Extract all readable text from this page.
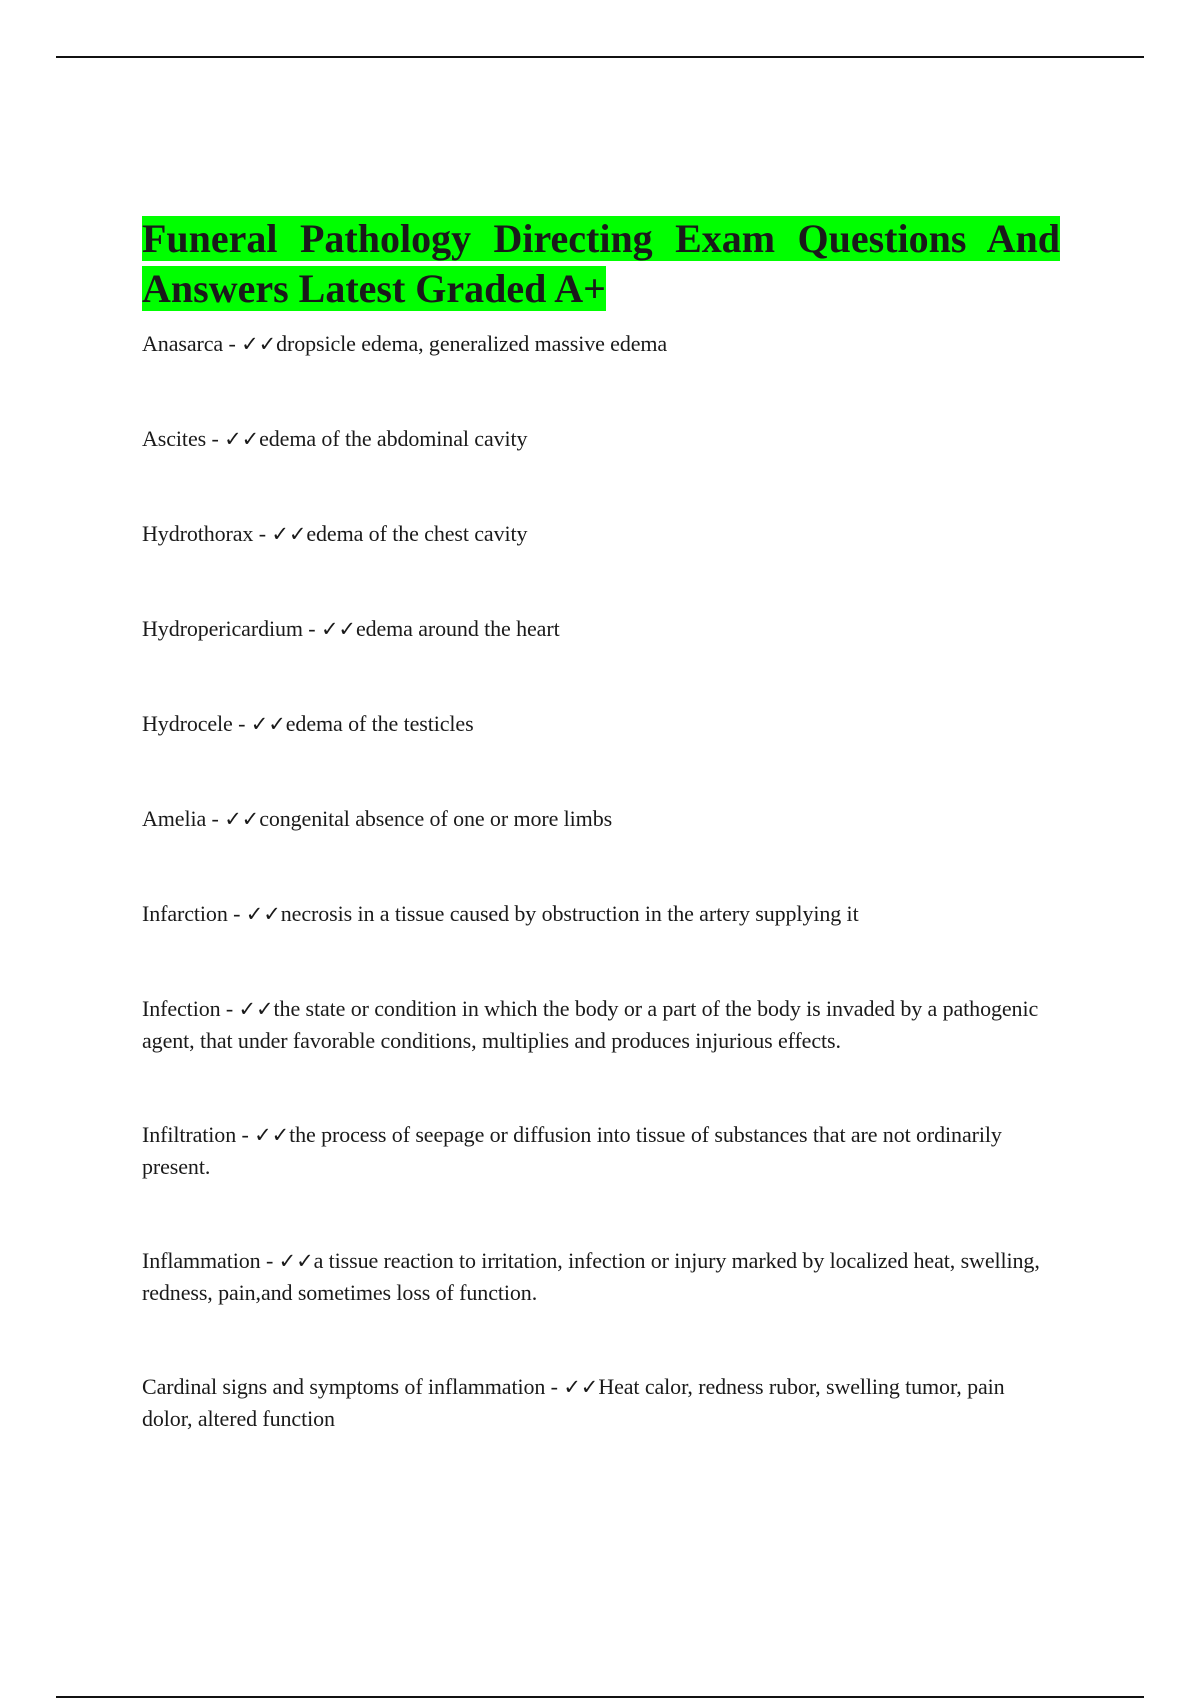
Funeral Pathology Directing Exam Questions And Answers Latest Graded A+

Anasarca - ✓✓dropsicle edema, generalized massive edema

Ascites - ✓✓edema of the abdominal cavity

Hydrothorax - ✓✓edema of the chest cavity

Hydropericardium - ✓✓edema around the heart

Hydrocele - ✓✓edema of the testicles

Amelia - ✓✓congenital absence of one or more limbs

Infarction - ✓✓necrosis in a tissue caused by obstruction in the artery supplying it

Infection - ✓✓the state or condition in which the body or a part of the body is invaded by a pathogenic agent, that under favorable conditions, multiplies and produces injurious effects.

Infiltration - ✓✓the process of seepage or diffusion into tissue of substances that are not ordinarily present.

Inflammation - ✓✓a tissue reaction to irritation, infection or injury marked by localized heat, swelling, redness, pain,and sometimes loss of function.

Cardinal signs and symptoms of inflammation - ✓✓Heat calor, redness rubor, swelling tumor, pain dolor, altered function
